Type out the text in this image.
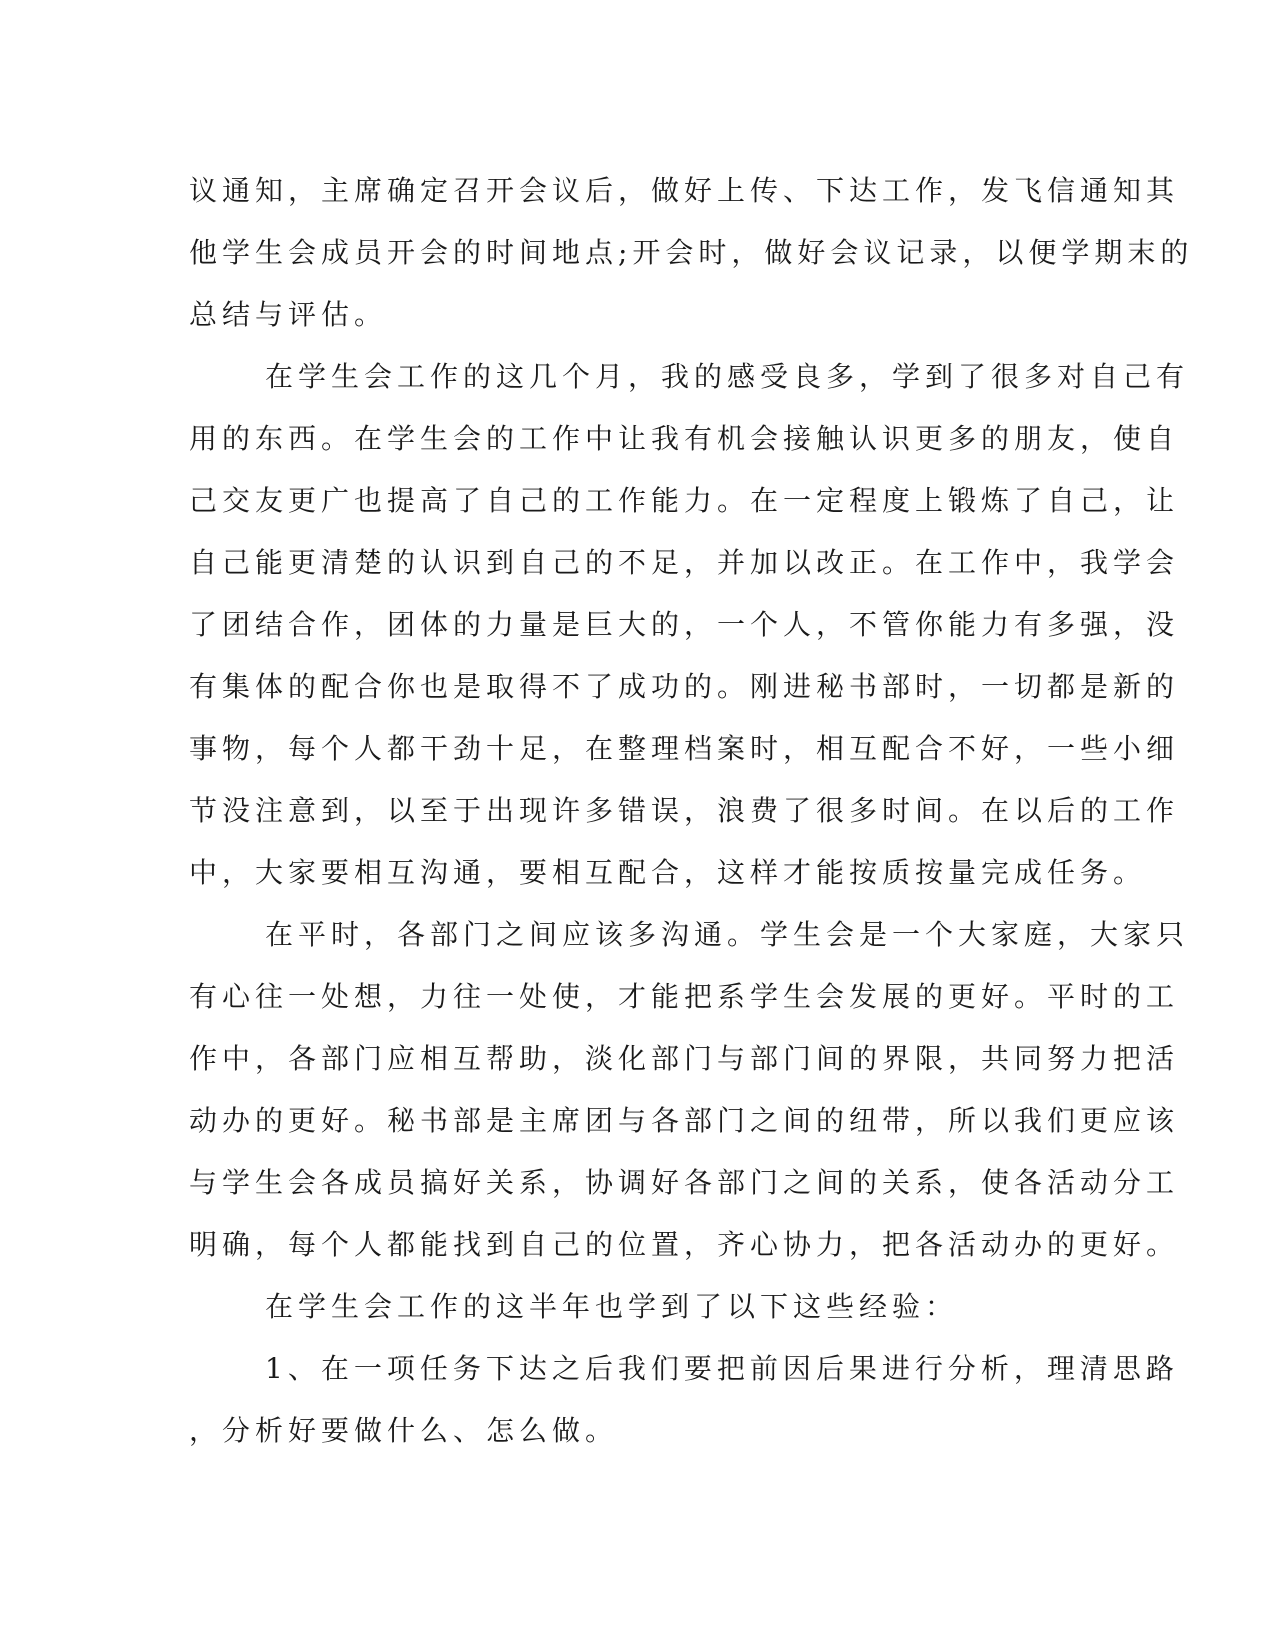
议通知，主席确定召开会议后，做好上传、下达工作，发飞信通知其
他学生会成员开会的时间地点;开会时，做好会议记录，以便学期末的
总结与评估。
在学生会工作的这几个月，我的感受良多，学到了很多对自己有
用的东西。在学生会的工作中让我有机会接触认识更多的朋友，使自
己交友更广也提高了自己的工作能力。在一定程度上锻炼了自己，让
自己能更清楚的认识到自己的不足，并加以改正。在工作中，我学会
了团结合作，团体的力量是巨大的，一个人，不管你能力有多强，没
有集体的配合你也是取得不了成功的。刚进秘书部时，一切都是新的
事物，每个人都干劲十足，在整理档案时，相互配合不好，一些小细
节没注意到，以至于出现许多错误，浪费了很多时间。在以后的工作
中，大家要相互沟通，要相互配合，这样才能按质按量完成任务。
在平时，各部门之间应该多沟通。学生会是一个大家庭，大家只
有心往一处想，力往一处使，才能把系学生会发展的更好。平时的工
作中，各部门应相互帮助，淡化部门与部门间的界限，共同努力把活
动办的更好。秘书部是主席团与各部门之间的纽带，所以我们更应该
与学生会各成员搞好关系，协调好各部门之间的关系，使各活动分工
明确，每个人都能找到自己的位置，齐心协力，把各活动办的更好。
在学生会工作的这半年也学到了以下这些经验：
1、在一项任务下达之后我们要把前因后果进行分析，理清思路
，分析好要做什么、怎么做。
